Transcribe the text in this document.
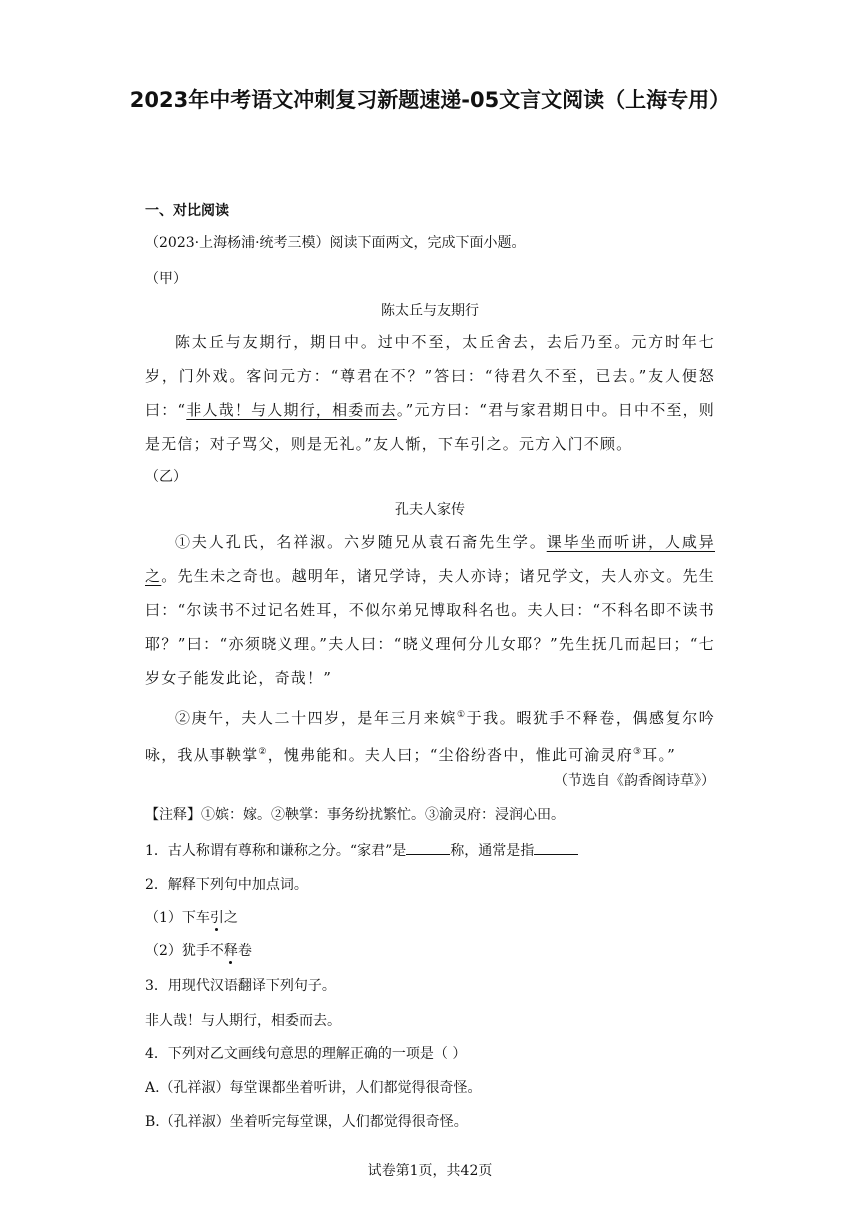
2023年中考语文冲刺复习新题速递-05文言文阅读（上海专用）
一、对比阅读
（2023·上海杨浦·统考三模）阅读下面两文，完成下面小题。
（甲）
陈太丘与友期行
陈太丘与友期行，期日中。过中不至，太丘舍去，去后乃至。元方时年七岁，门外戏。客问元方：“尊君在不？”答曰：“待君久不至，已去。”友人便怒曰：“非人哉！与人期行，相委而去。”元方曰：“君与家君期日中。日中不至，则是无信；对子骂父，则是无礼。”友人惭，下车引之。元方入门不顾。
（乙）
孔夫人家传
①夫人孔氏，名祥淑。六岁随兄从袁石斋先生学。课毕坐而听讲，人咸异之。先生未之奇也。越明年，诸兄学诗，夫人亦诗；诸兄学文，夫人亦文。先生曰：“尔读书不过记名姓耳，不似尔弟兄博取科名也。夫人曰：“不科名即不读书耶？”曰：“亦须晓义理。”夫人曰：“晓义理何分儿女耶？”先生抚几而起曰；“七岁女子能发此论，奇哉！”
②庚午，夫人二十四岁，是年三月来嫔①于我。暇犹手不释卷，偶感复尔吟咏，我从事鞅掌②，愧弗能和。夫人曰；“尘俗纷沓中，惟此可渝灵府③耳。”
（节选自《韵香阁诗草》）
【注释】①嫔：嫁。②鞅掌：事务纷扰繁忙。③渝灵府：浸润心田。
1．古人称谓有尊称和谦称之分。“家君”是	称，通常是指
2．解释下列句中加点词。
（1）下车引之
（2）犹手不释卷
3．用现代汉语翻译下列句子。
非人哉！与人期行，相委而去。
4．下列对乙文画线句意思的理解正确的一项是（ ）
A.（孔祥淑）每堂课都坐着听讲，人们都觉得很奇怪。
B.（孔祥淑）坐着听完每堂课，人们都觉得很奇怪。
试卷第1页，共42页
